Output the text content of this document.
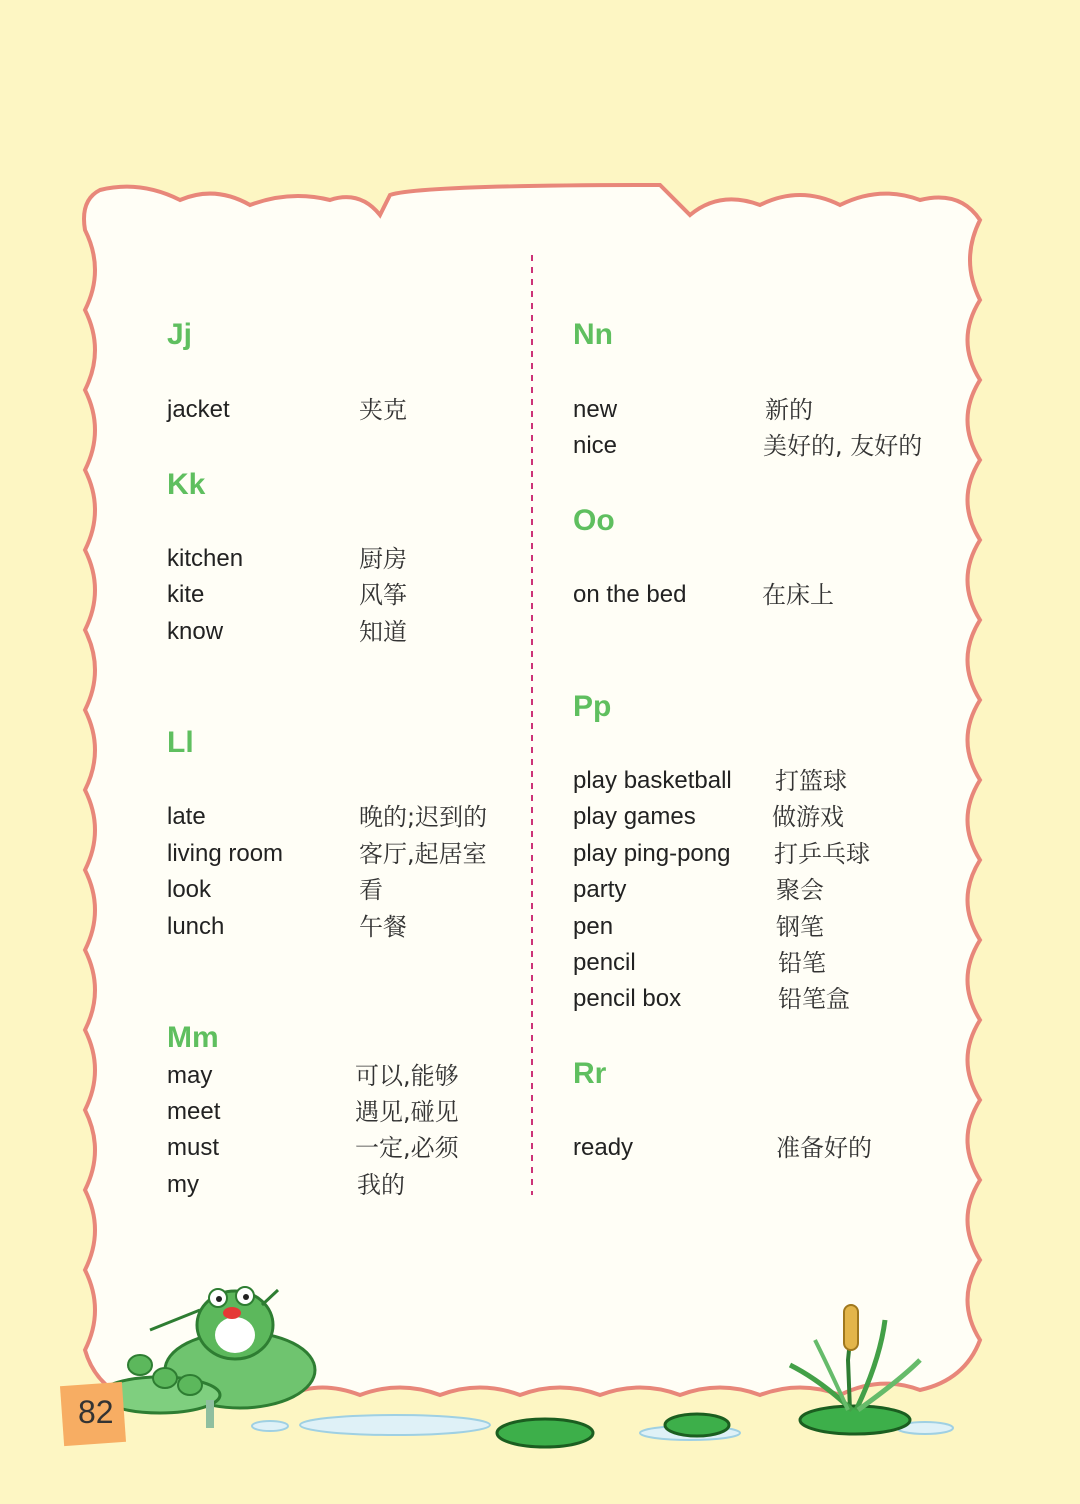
Jj
jacket	夹克
Kk
kitchen	厨房
kite	风筝
know	知道
Ll
late	晚的;迟到的
living room	客厅,起居室
look	看
lunch	午餐
Mm
may	可以,能够
meet	遇见,碰见
must	一定,必须
my	我的
Nn
new	新的
nice	美好的, 友好的
Oo
on the bed	在床上
Pp
play basketball 打篮球
play games	做游戏
play ping-pong 打乒乓球
party	聚会
pen	钢笔
pencil	铅笔
pencil box	铅笔盒
Rr
ready	准备好的
82
